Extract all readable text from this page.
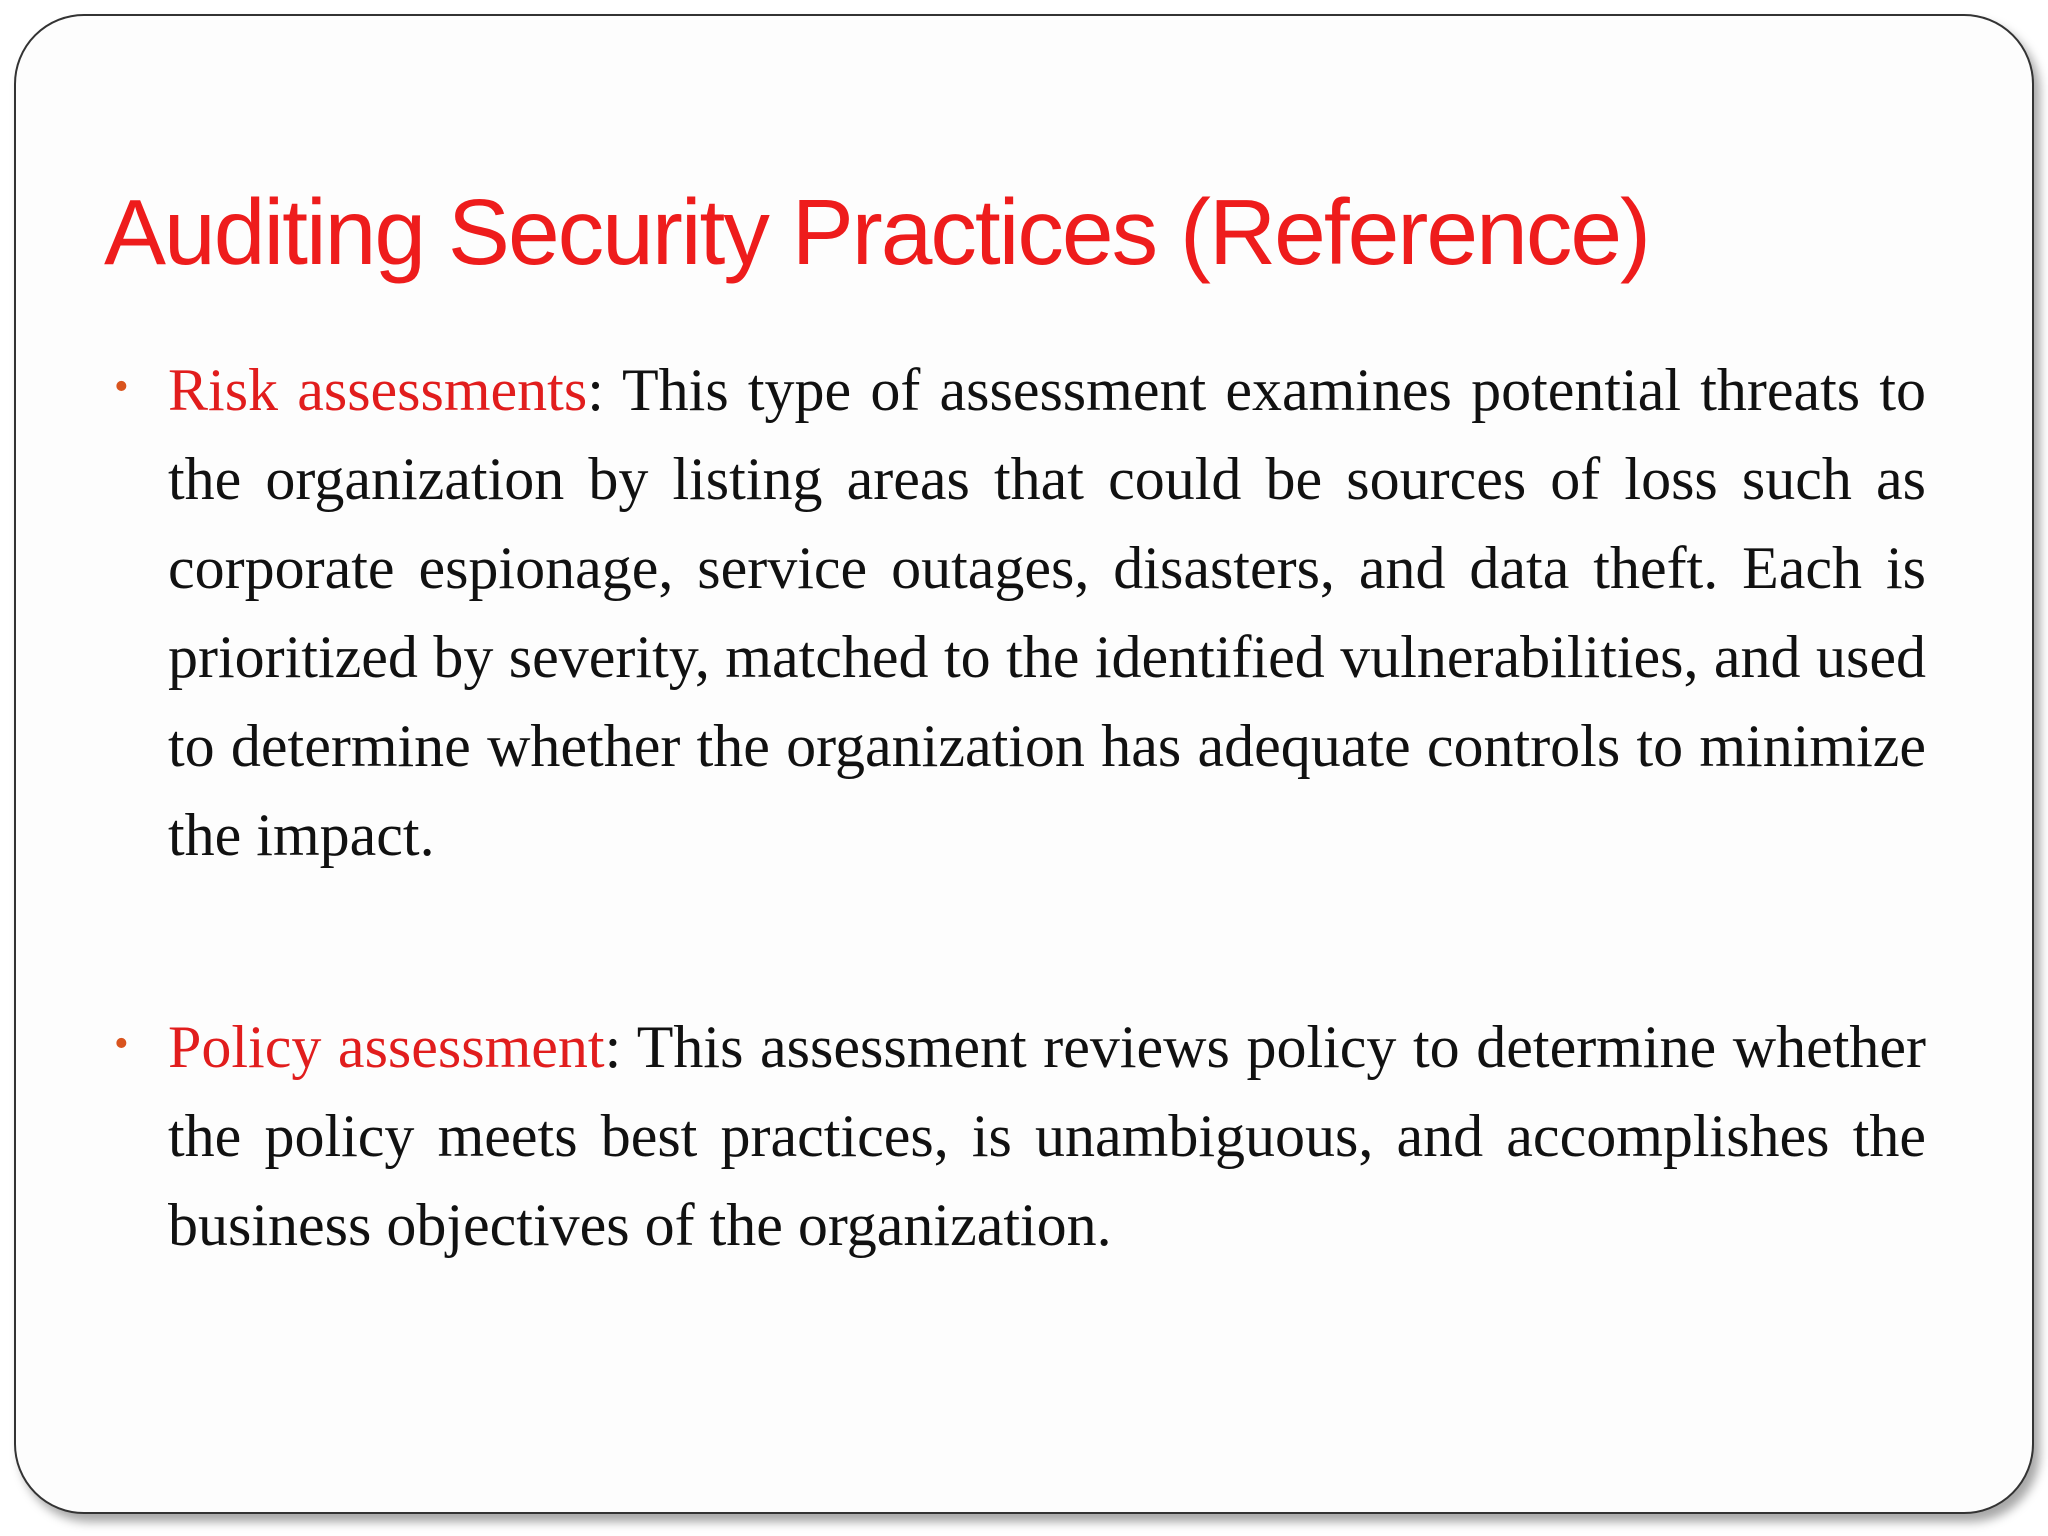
Auditing Security Practices (Reference)
• Risk assessments: This type of assessment examines potential threats to the organization by listing areas that could be sources of loss such as corporate espionage, service outages, disasters, and data theft. Each is prioritized by severity, matched to the identified vulnerabilities, and used to determine whether the organization has adequate controls to minimize the impact.
• Policy assessment: This assessment reviews policy to determine whether the policy meets best practices, is unambiguous, and accomplishes the business objectives of the organization.
